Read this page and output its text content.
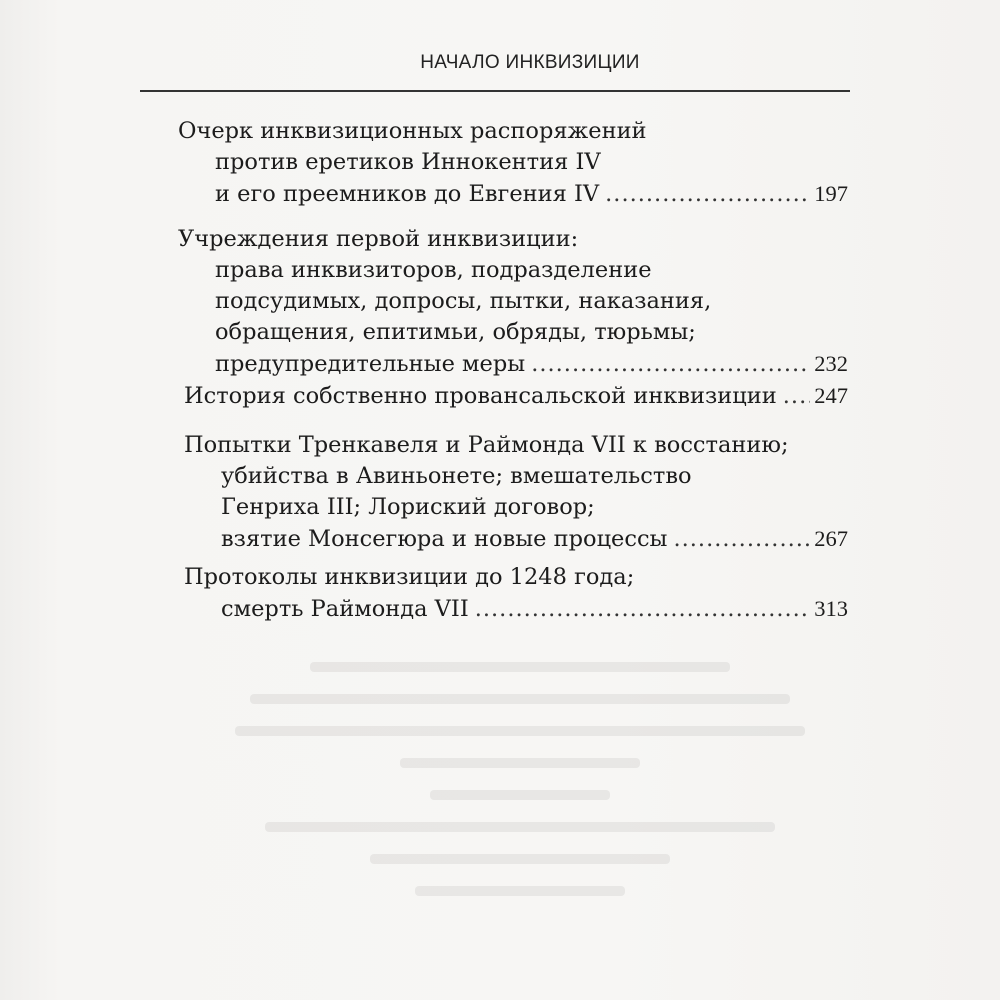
НАЧАЛО ИНКВИЗИЦИИ
Очерк инквизиционных распоряжений
против еретиков Иннокентия IV
и его преемников до Евгения IV .....	197
Учреждения первой инквизиции:
права инквизиторов, подразделение
подсудимых, допросы, пытки, наказания,
обращения, епитимьи, обряды, тюрьмы;
предупредительные меры .....	232
История собственно провансальской инквизиции ..... 247
Попытки Тренкавеля и Раймонда VII к восстанию;
убийства в Авиньонете; вмешательство
Генриха III; Лориский договор;
взятие Монсегюра и новые процессы .....	267
Протоколы инквизиции до 1248 года;
смерть Раймонда VII .....	313
